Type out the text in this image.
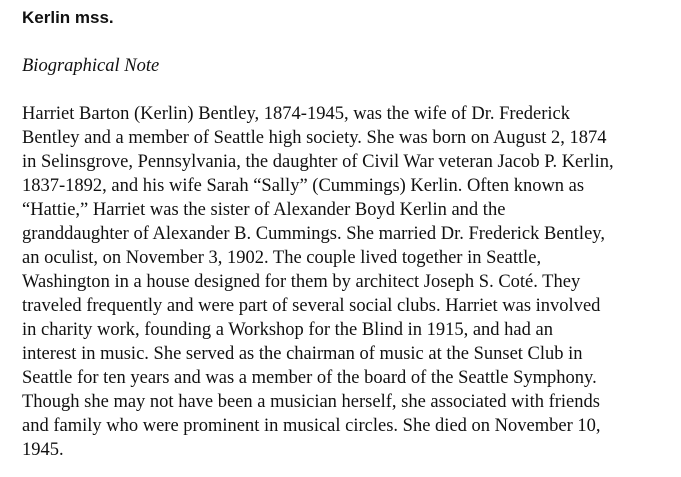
Kerlin mss.
Biographical Note
Harriet Barton (Kerlin) Bentley, 1874-1945, was the wife of Dr. Frederick
Bentley and a member of Seattle high society. She was born on August 2, 1874
in Selinsgrove, Pennsylvania, the daughter of Civil War veteran Jacob P. Kerlin,
1837-1892, and his wife Sarah “Sally” (Cummings) Kerlin. Often known as
“Hattie,” Harriet was the sister of Alexander Boyd Kerlin and the
granddaughter of Alexander B. Cummings. She married Dr. Frederick Bentley,
an oculist, on November 3, 1902. The couple lived together in Seattle,
Washington in a house designed for them by architect Joseph S. Coté. They
traveled frequently and were part of several social clubs. Harriet was involved
in charity work, founding a Workshop for the Blind in 1915, and had an
interest in music. She served as the chairman of music at the Sunset Club in
Seattle for ten years and was a member of the board of the Seattle Symphony.
Though she may not have been a musician herself, she associated with friends
and family who were prominent in musical circles. She died on November 10,
1945.
